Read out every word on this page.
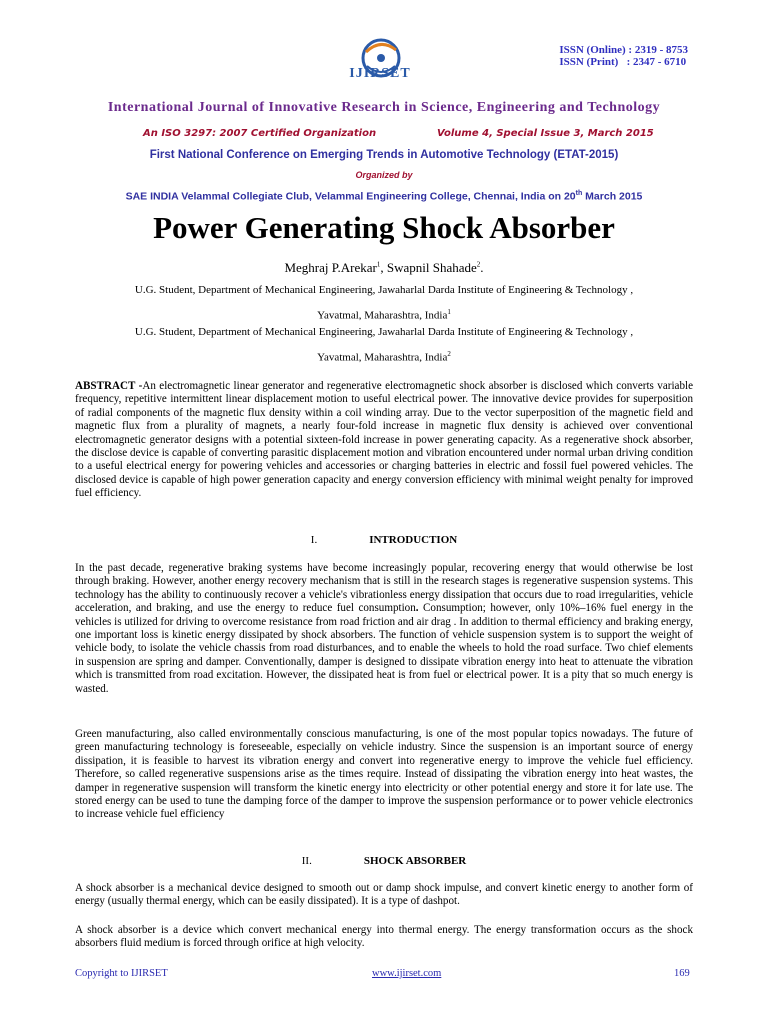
IJIRSET
ISSN (Online) : 2319 - 8753
ISSN (Print)   : 2347 - 6710
International Journal of Innovative Research in Science, Engineering and Technology
An ISO 3297: 2007 Certified Organization	Volume 4, Special Issue 3, March 2015
First National Conference on Emerging Trends in Automotive Technology (ETAT-2015)
Organized by
SAE INDIA Velammal Collegiate Club, Velammal Engineering College, Chennai, India on 20th March 2015
Power Generating Shock Absorber
Meghraj P.Arekar$^1$, Swapnil Shahade$^2$.
U.G. Student, Department of Mechanical Engineering, Jawaharlal Darda Institute of Engineering & Technology ,
Yavatmal, Maharashtra, India$^1$
U.G. Student, Department of Mechanical Engineering, Jawaharlal Darda Institute of Engineering & Technology ,
Yavatmal, Maharashtra, India$^2$
ABSTRACT -An electromagnetic linear generator and regenerative electromagnetic shock absorber is disclosed which converts variable frequency, repetitive intermittent linear displacement motion to useful electrical power. The innovative device provides for superposition of radial components of the magnetic flux density within a coil winding array. Due to the vector superposition of the magnetic field and magnetic flux from a plurality of magnets, a nearly four-fold increase in magnetic flux density is achieved over conventional electromagnetic generator designs with a potential sixteen-fold increase in power generating capacity. As a regenerative shock absorber, the disclose device is capable of converting parasitic displacement motion and vibration encountered under normal urban driving condition to a useful electrical energy for powering vehicles and accessories or charging batteries in electric and fossil fuel powered vehicles. The disclosed device is capable of high power generation capacity and energy conversion efficiency with minimal weight penalty for improved fuel efficiency.
I.	INTRODUCTION
In the past decade, regenerative braking systems have become increasingly popular, recovering energy that would otherwise be lost through braking. However, another energy recovery mechanism that is still in the research stages is regenerative suspension systems. This technology has the ability to continuously recover a vehicle's vibrationless energy dissipation that occurs due to road irregularities, vehicle acceleration, and braking, and use the energy to reduce fuel consumption. Consumption; however, only 10%–16% fuel energy in the vehicles is utilized for driving to overcome resistance from road friction and air drag . In addition to thermal efficiency and braking energy, one important loss is kinetic energy dissipated by shock absorbers. The function of vehicle suspension system is to support the weight of vehicle body, to isolate the vehicle chassis from road disturbances, and to enable the wheels to hold the road surface. Two chief elements in suspension are spring and damper. Conventionally, damper is designed to dissipate vibration energy into heat to attenuate the vibration which is transmitted from road excitation. However, the dissipated heat is from fuel or electrical power. It is a pity that so much energy is wasted.
Green manufacturing, also called environmentally conscious manufacturing, is one of the most popular topics nowadays. The future of green manufacturing technology is foreseeable, especially on vehicle industry. Since the suspension is an important source of energy dissipation, it is feasible to harvest its vibration energy and convert into regenerative energy to improve the vehicle fuel efficiency. Therefore, so called regenerative suspensions arise as the times require. Instead of dissipating the vibration energy into heat wastes, the damper in regenerative suspension will transform the kinetic energy into electricity or other potential energy and store it for late use. The stored energy can be used to tune the damping force of the damper to improve the suspension performance or to power vehicle electronics to increase vehicle fuel efficiency
II.	SHOCK ABSORBER
A shock absorber is a mechanical device designed to smooth out or damp shock impulse, and convert kinetic energy to another form of energy (usually thermal energy, which can be easily dissipated). It is a type of dashpot.
A shock absorber is a device which convert mechanical energy into thermal energy. The energy transformation occurs as the shock absorbers fluid medium is forced through orifice at high velocity.
Copyright to IJIRSET	www.ijirset.com	169
